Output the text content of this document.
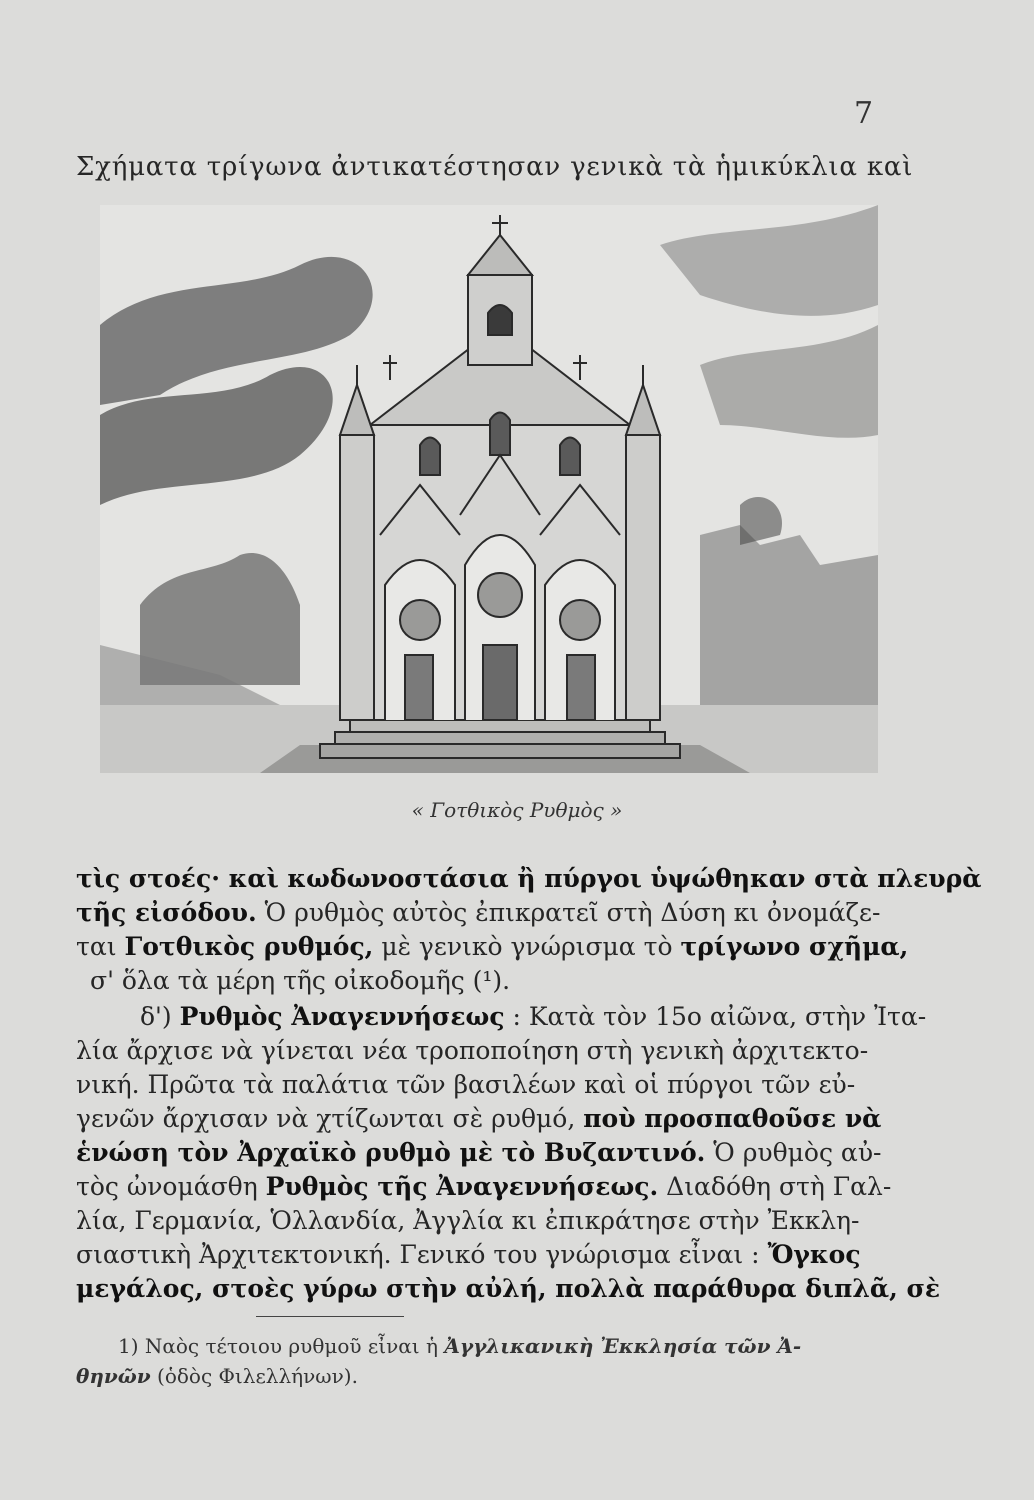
7
Σχήματα τρίγωνα ἀντικατέστησαν γενικὰ τὰ ἡμικύκλια καὶ
« Γοτθικὸς Ρυθμὸς »
τὶς στοές· καὶ κωδωνοστάσια ἢ πύργοι ὑψώθηκαν στὰ πλευρὰ
τῆς εἰσόδου. Ὁ ρυθμὸς αὐτὸς ἐπικρατεῖ στὴ Δύση κι ὀνομάζε-
ται Γοτθικὸς ρυθμός, μὲ γενικὸ γνώρισμα τὸ τρίγωνο σχῆμα,
σ' ὅλα τὰ μέρη τῆς οἰκοδομῆς (¹).
δ') Ρυθμὸς Ἀναγεννήσεως : Κατὰ τὸν 15ο αἰῶνα, στὴν Ἰτα-
λία ἄρχισε νὰ γίνεται νέα τροποποίηση στὴ γενικὴ ἀρχιτεκτο-
νική. Πρῶτα τὰ παλάτια τῶν βασιλέων καὶ οἱ πύργοι τῶν εὐ-
γενῶν ἄρχισαν νὰ χτίζωνται σὲ ρυθμό, ποὺ προσπαθοῦσε νὰ
ἑνώση τὸν Ἀρχαϊκὸ ρυθμὸ μὲ τὸ Βυζαντινό. Ὁ ρυθμὸς αὐ-
τὸς ὠνομάσθη Ρυθμὸς τῆς Ἀναγεννήσεως. Διαδόθη στὴ Γαλ-
λία, Γερμανία, Ὁλλανδία, Ἀγγλία κι ἐπικράτησε στὴν Ἐκκλη-
σιαστικὴ Ἀρχιτεκτονική. Γενικό του γνώρισμα εἶναι : Ὄγκος
μεγάλος, στοὲς γύρω στὴν αὐλή, πολλὰ παράθυρα διπλᾶ, σὲ
1) Ναὸς τέτοιου ρυθμοῦ εἶναι ἡ Ἀγγλικανικὴ Ἐκκλησία τῶν Ἀ-
θηνῶν (ὁδὸς Φιλελλήνων).
